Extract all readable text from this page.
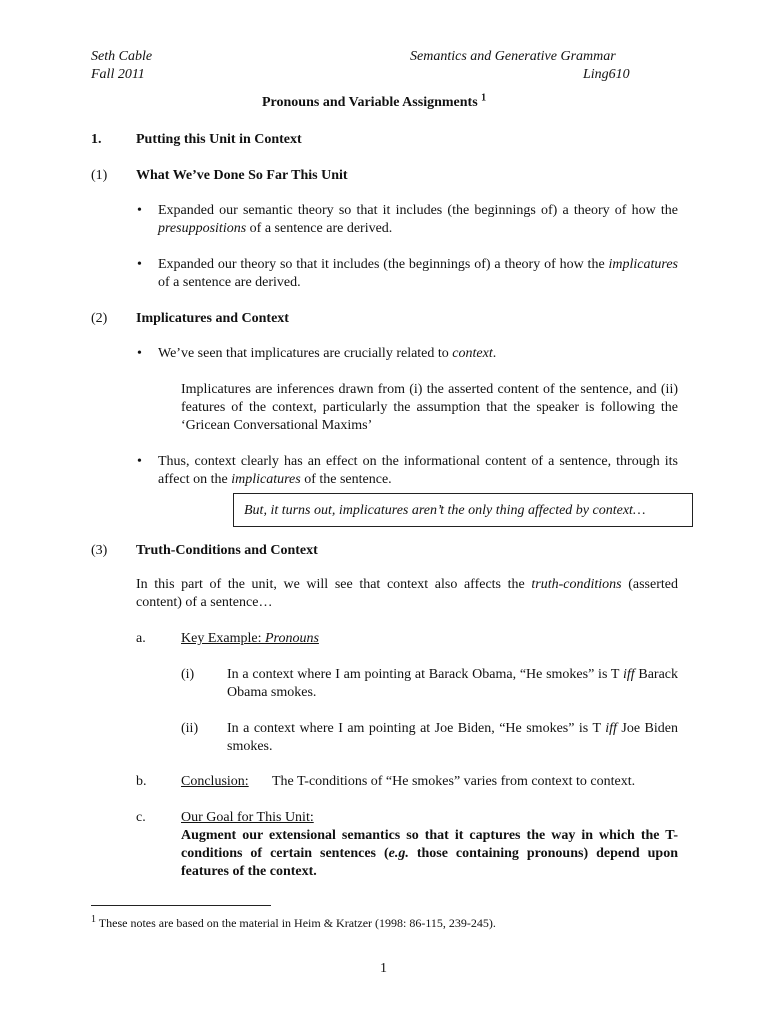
Seth Cable
Fall 2011
Semantics and Generative Grammar
Ling610
Pronouns and Variable Assignments $^1$
1. Putting this Unit in Context
(1) What We’ve Done So Far This Unit
• Expanded our semantic theory so that it includes (the beginnings of) a theory of how the presuppositions of a sentence are derived.
• Expanded our theory so that it includes (the beginnings of) a theory of how the implicatures of a sentence are derived.
(2) Implicatures and Context
• We’ve seen that implicatures are crucially related to context.
Implicatures are inferences drawn from (i) the asserted content of the sentence, and (ii) features of the context, particularly the assumption that the speaker is following the ‘Gricean Conversational Maxims’
• Thus, context clearly has an effect on the informational content of a sentence, through its affect on the implicatures of the sentence.
But, it turns out, implicatures aren’t the only thing affected by context…
(3) Truth-Conditions and Context
In this part of the unit, we will see that context also affects the truth-conditions (asserted content) of a sentence…
a.	Key Example: Pronouns
(i) In a context where I am pointing at Barack Obama, “He smokes” is T iff Barack Obama smokes.
(ii) In a context where I am pointing at Joe Biden, “He smokes” is T iff Joe Biden smokes.
b. Conclusion: The T-conditions of “He smokes” varies from context to context.
c.	Our Goal for This Unit:
Augment our extensional semantics so that it captures the way in which the T-conditions of certain sentences (e.g. those containing pronouns) depend upon features of the context.
$^1$ These notes are based on the material in Heim & Kratzer (1998: 86-115, 239-245).
1
